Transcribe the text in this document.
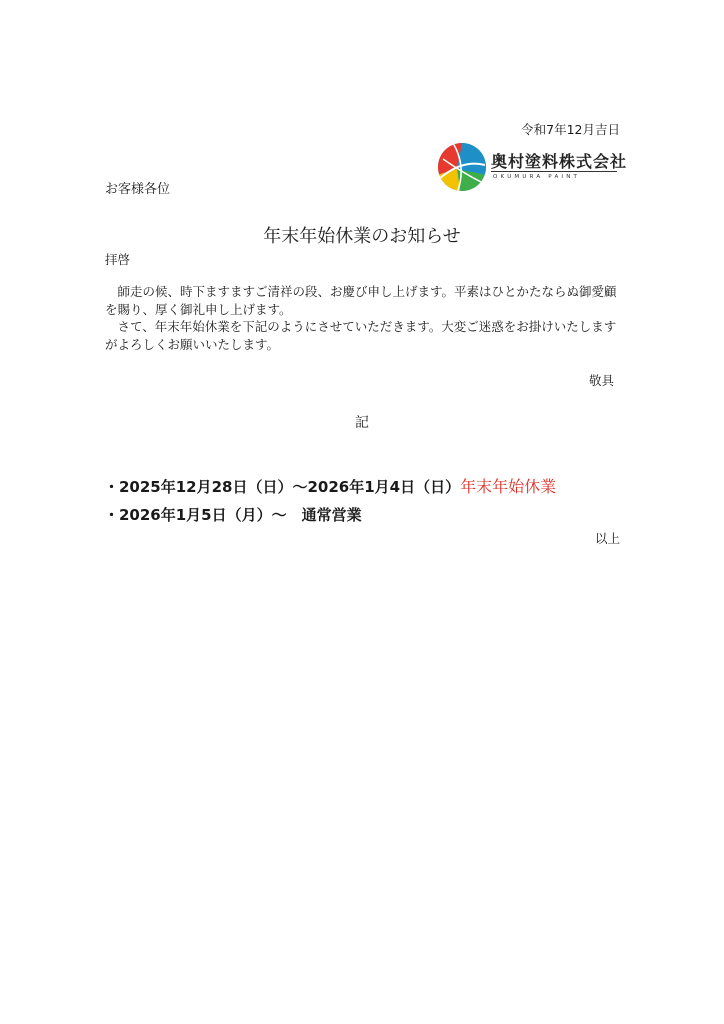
令和7年12月吉日
奥村塗料株式会社
OKUMURA PAINT
お客様各位
年末年始休業のお知らせ
拝啓

師走の候、時下ますますご清祥の段、お慶び申し上げます。平素はひとかたならぬ御愛顧を賜り、厚く御礼申し上げます。

さて、年末年始休業を下記のようにさせていただきます。大変ご迷惑をお掛けいたしますがよろしくお願いいたします。

敬具
記
・2025年12月28日（日）〜2026年1月4日（日）年末年始休業
・2026年1月5日（月）〜　通常営業
以上
